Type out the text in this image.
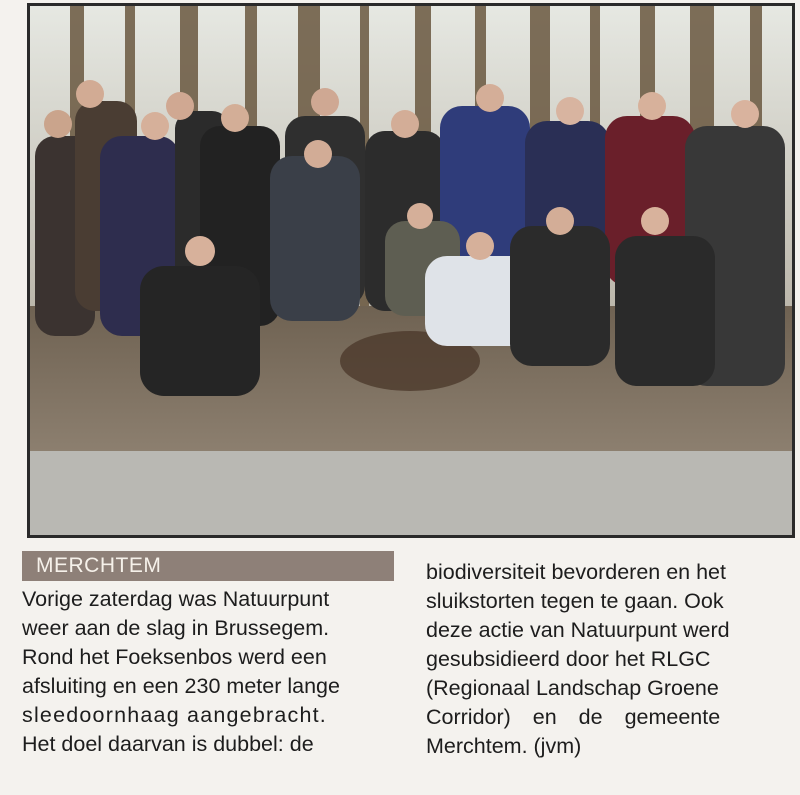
MERCHTEM

Vorige zaterdag was Natuurpunt

weer aan de slag in Brussegem.

Rond het Foeksenbos werd een

afsluiting en een 230 meter lange

sleedoornhaag aangebracht.

Het doel daarvan is dubbel: de

biodiversiteit bevorderen en het

sluikstorten tegen te gaan. Ook

deze actie van Natuurpunt werd

gesubsidieerd door het RLGC

(Regionaal Landschap Groene

Corridor) en de gemeente

Merchtem. (jvm)
